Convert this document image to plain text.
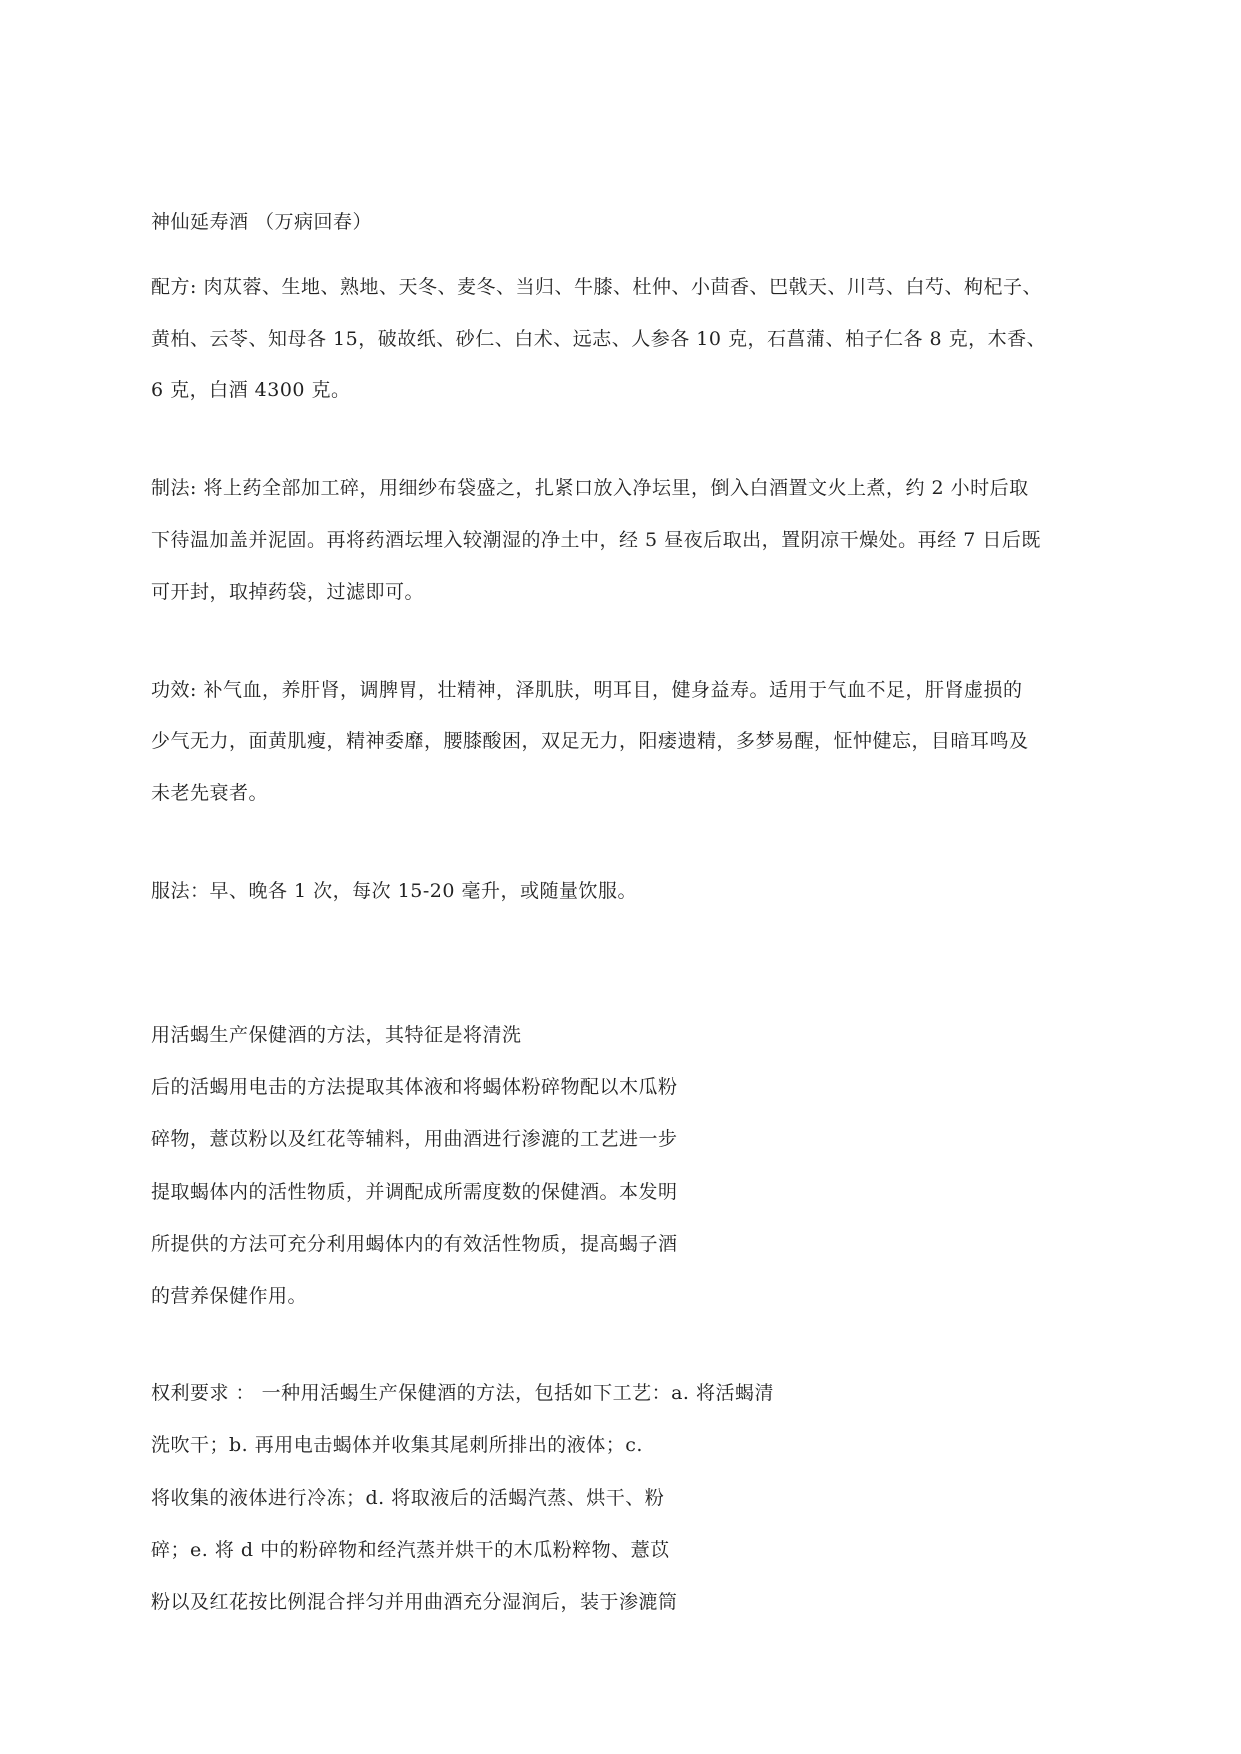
神仙延寿酒 （万病回春）
配方: 肉苁蓉、生地、熟地、天冬、麦冬、当归、牛膝、杜仲、小茴香、巴戟天、川芎、白芍、枸杞子、
黄柏、云苓、知母各 15，破故纸、砂仁、白术、远志、人参各 10 克，石菖蒲、柏子仁各 8 克，木香、
6 克，白酒 4300 克。
制法: 将上药全部加工碎，用细纱布袋盛之，扎紧口放入净坛里，倒入白酒置文火上煮，约 2 小时后取
下待温加盖并泥固。再将药酒坛埋入较潮湿的净土中，经 5 昼夜后取出，置阴凉干燥处。再经 7 日后既
可开封，取掉药袋，过滤即可。
功效: 补气血，养肝肾，调脾胃，壮精神，泽肌肤，明耳目，健身益寿。适用于气血不足，肝肾虚损的
少气无力，面黄肌瘦，精神委靡，腰膝酸困，双足无力，阳痿遗精，多梦易醒，怔忡健忘，目暗耳鸣及
未老先衰者。
服法：早、晚各 1 次，每次 15-20 毫升，或随量饮服。
用活蝎生产保健酒的方法，其特征是将清洗
后的活蝎用电击的方法提取其体液和将蝎体粉碎物配以木瓜粉
碎物，薏苡粉以及红花等辅料，用曲酒进行渗漉的工艺进一步
提取蝎体内的活性物质，并调配成所需度数的保健酒。本发明
所提供的方法可充分利用蝎体内的有效活性物质，提高蝎子酒
的营养保健作用。
权利要求 ： 一种用活蝎生产保健酒的方法，包括如下工艺：a. 将活蝎清
洗吹干；b. 再用电击蝎体并收集其尾刺所排出的液体；c.
将收集的液体进行冷冻；d. 将取液后的活蝎汽蒸、烘干、粉
碎；e. 将 d 中的粉碎物和经汽蒸并烘干的木瓜粉粹物、薏苡
粉以及红花按比例混合拌匀并用曲酒充分湿润后，装于渗漉筒
